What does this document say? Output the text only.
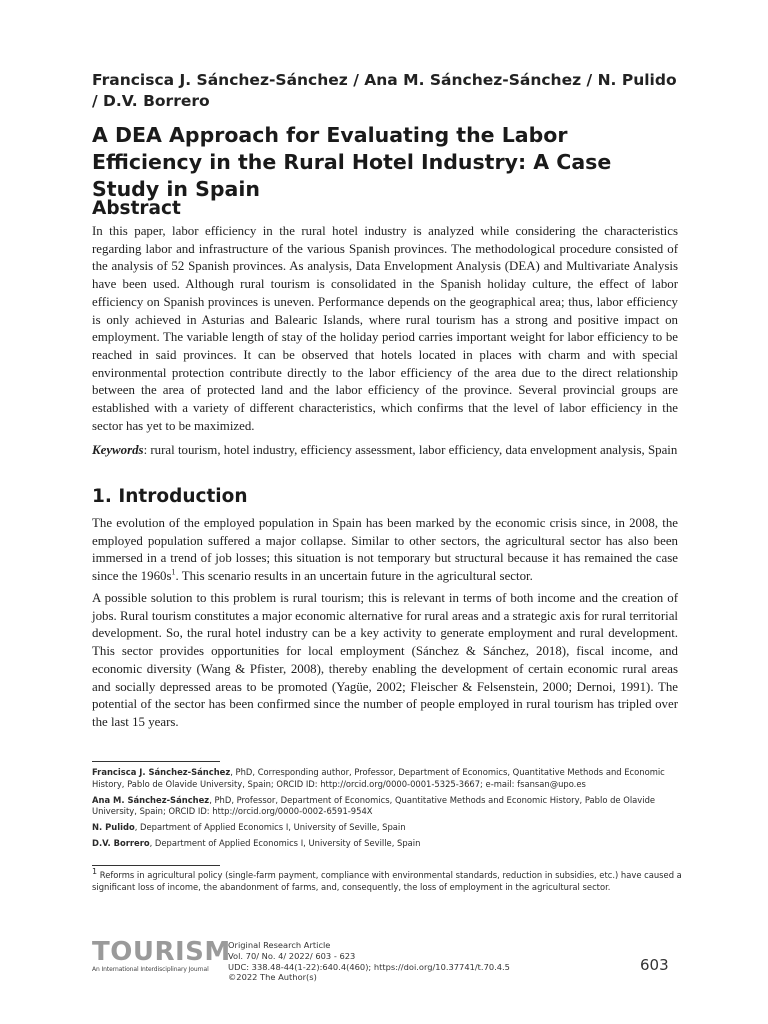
Francisca J. Sánchez-Sánchez / Ana M. Sánchez-Sánchez / N. Pulido / D.V. Borrero
A DEA Approach for Evaluating the Labor Efficiency in the Rural Hotel Industry: A Case Study in Spain
Abstract
In this paper, labor efficiency in the rural hotel industry is analyzed while considering the characteristics regarding labor and infrastructure of the various Spanish provinces. The methodological procedure consisted of the analysis of 52 Spanish provinces. As analysis, Data Envelopment Analysis (DEA) and Multivariate Analysis have been used. Although rural tourism is consolidated in the Spanish holiday culture, the effect of labor efficiency on Spanish provinces is uneven. Performance depends on the geographical area; thus, labor efficiency is only achieved in Asturias and Balearic Islands, where rural tourism has a strong and positive impact on employment. The variable length of stay of the holiday period carries important weight for labor efficiency to be reached in said provinces. It can be observed that hotels located in places with charm and with special environmental protection contribute directly to the labor efficiency of the area due to the direct relationship between the area of protected land and the labor efficiency of the province. Several provincial groups are established with a variety of different characteristics, which confirms that the level of labor efficiency in the sector has yet to be maximized.
Keywords: rural tourism, hotel industry, efficiency assessment, labor efficiency, data envelopment analysis, Spain
1. Introduction
The evolution of the employed population in Spain has been marked by the economic crisis since, in 2008, the employed population suffered a major collapse. Similar to other sectors, the agricultural sector has also been immersed in a trend of job losses; this situation is not temporary but structural because it has remained the case since the $1960s^1$. This scenario results in an uncertain future in the agricultural sector.
A possible solution to this problem is rural tourism; this is relevant in terms of both income and the creation of jobs. Rural tourism constitutes a major economic alternative for rural areas and a strategic axis for rural territorial development. So, the rural hotel industry can be a key activity to generate employment and rural development. This sector provides opportunities for local employment (Sánchez & Sánchez, 2018), fiscal income, and economic diversity (Wang & Pfister, 2008), thereby enabling the development of certain economic rural areas and socially depressed areas to be promoted (Yagüe, 2002; Fleischer & Felsenstein, 2000; Dernoi, 1991). The potential of the sector has been confirmed since the number of people employed in rural tourism has tripled over the last 15 years.

Francisca J. Sánchez-Sánchez, PhD, Corresponding author, Professor, Department of Economics, Quantitative Methods and Economic History, Pablo de Olavide University, Spain; ORCID ID: http://orcid.org/0000-0001-5325-3667; e-mail: fsansan@upo.es

Ana M. Sánchez-Sánchez, PhD, Professor, Department of Economics, Quantitative Methods and Economic History, Pablo de Olavide University, Spain; ORCID ID: http://orcid.org/0000-0002-6591-954X

N. Pulido, Department of Applied Economics I, University of Seville, Spain

D.V. Borrero, Department of Applied Economics I, University of Seville, Spain

$^1$ Reforms in agricultural policy (single-farm payment, compliance with environmental standards, reduction in subsidies, etc.) have caused a significant loss of income, the abandonment of farms, and, consequently, the loss of employment in the agricultural sector.
TOURISM
An International Interdisciplinary Journal
Original Research Article
Vol. 70/ No. 4/ 2022/ 603 - 623
UDC: 338.48-44(1-22):640.4(460); https://doi.org/10.37741/t.70.4.5
©2022 The Author(s)
603
